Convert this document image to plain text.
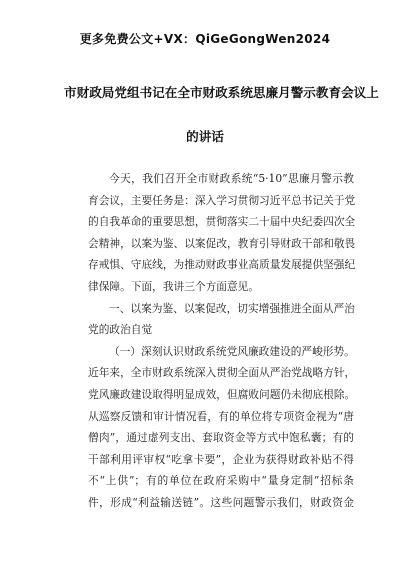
更多免费公文+VX：QiGeGongWen2024
市财政局党组书记在全市财政系统思廉月警示教育会议上
的讲话
今天，我们召开全市财政系统“5·10”思廉月警示教
育会议，主要任务是：深入学习贯彻习近平总书记关于党
的自我革命的重要思想，贯彻落实二十届中央纪委四次全
会精神，以案为鉴、以案促改，教育引导财政干部和敬畏
存戒惧、守底线，为推动财政事业高质量发展提供坚强纪
律保障。下面，我讲三个方面意见。
一、以案为鉴、以案促改，切实增强推进全面从严治
党的政治自觉
（一）深刻认识财政系统党风廉政建设的严峻形势。
近年来，全市财政系统深入贯彻全面从严治党战略方针，
党风廉政建设取得明显成效，但腐败问题仍未彻底根除。
从巡察反馈和审计情况看，有的单位将专项资金视为“唐
僧肉”，通过虚列支出、套取资金等方式中饱私囊；有的
干部利用评审权“吃拿卡要”，企业为获得财政补贴不得
不“上供”；有的单位在政府采购中“量身定制”招标条
件，形成“利益输送链”。这些问题警示我们，财政资金
